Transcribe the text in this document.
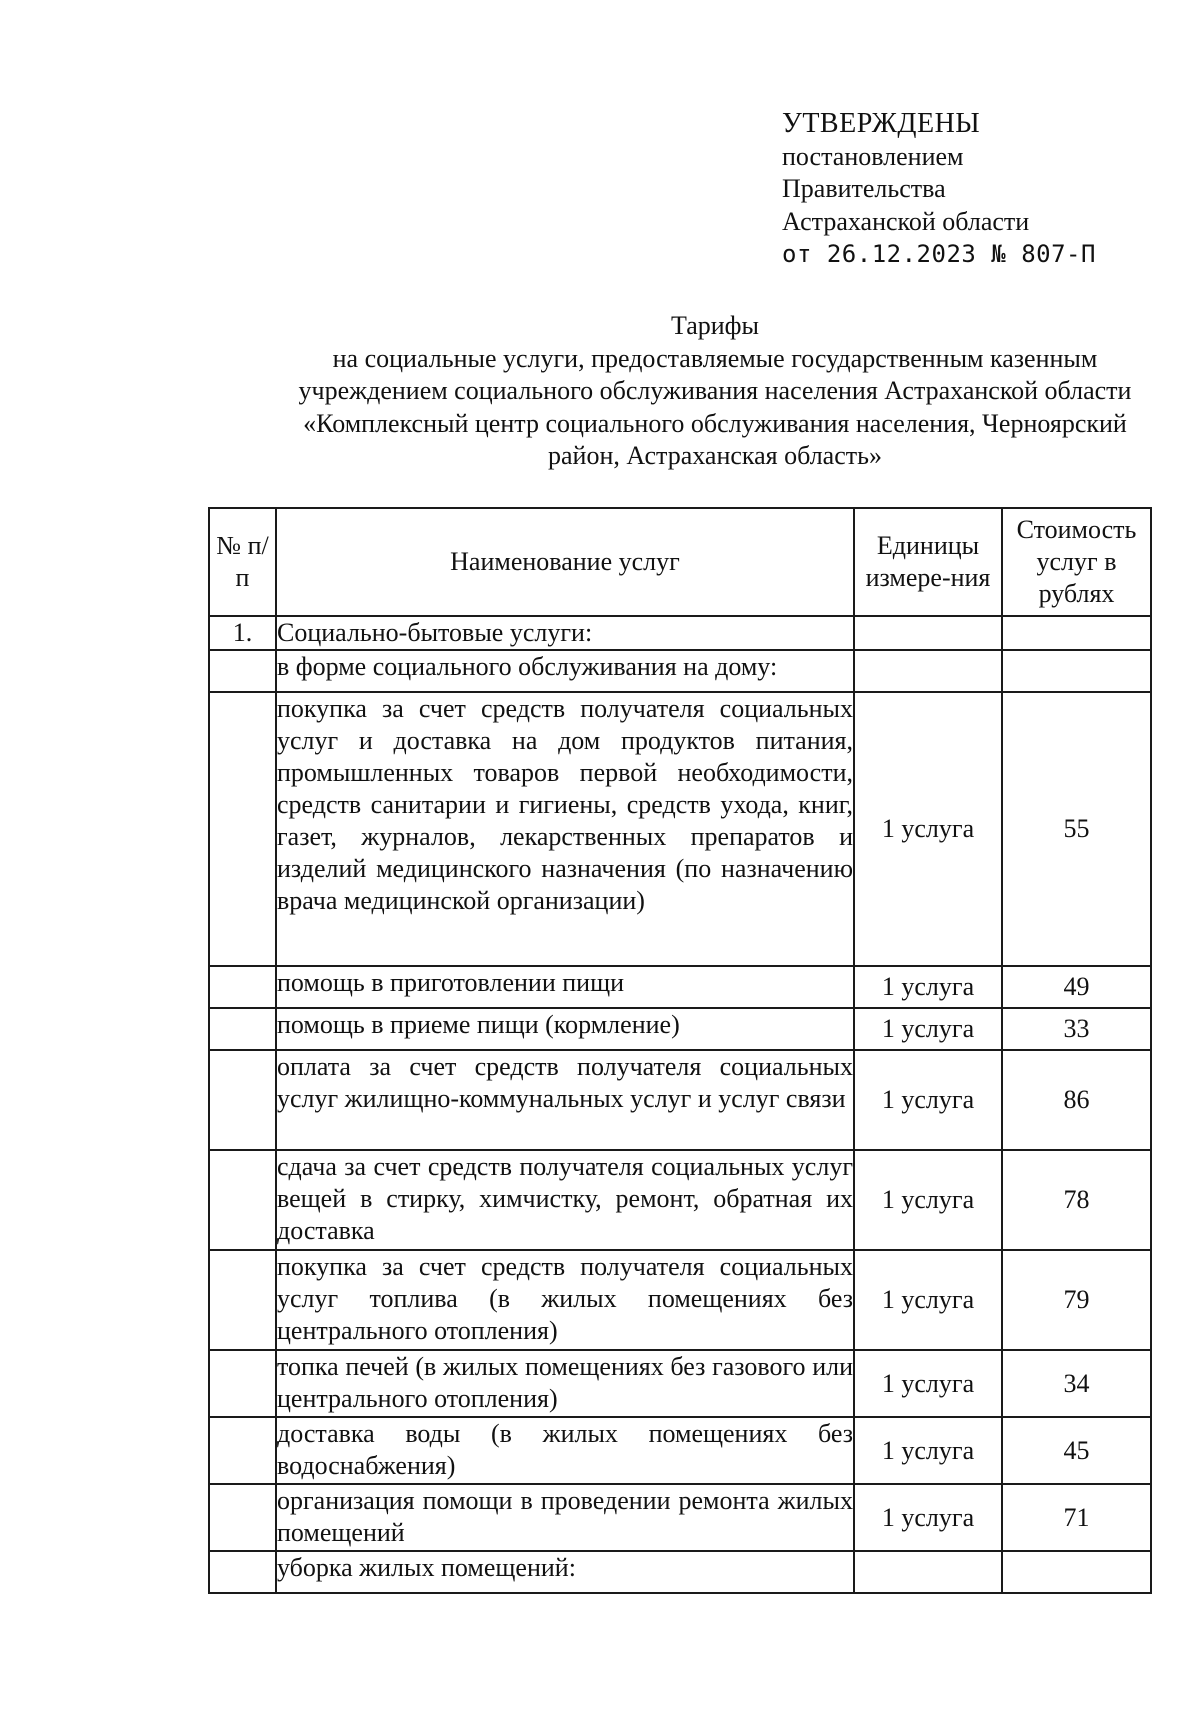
УТВЕРЖДЕНЫ
постановлением
Правительства
Астраханской области
от 26.12.2023 № 807-П
Тарифы
на социальные услуги, предоставляемые государственным казенным
учреждением социального обслуживания населения Астраханской области
«Комплексный центр социального обслуживания населения, Черноярский
район, Астраханская область»
№ п/п	Наименование услуг	Единицы измере-ния	Стоимость услуг в рублях
1.	Социально-бытовые услуги:		
	в форме социального обслуживания на дому:		
	покупка за счет средств получателя социальных услуг и доставка на дом продуктов питания, промышленных товаров первой необходимости, средств санитарии и гигиены, средств ухода, книг, газет, журналов, лекарственных препаратов и изделий медицинского назначения (по назначению врача медицинской организации)	1 услуга	55
	помощь в приготовлении пищи	1 услуга	49
	помощь в приеме пищи (кормление)	1 услуга	33
	оплата за счет средств получателя социальных услуг жилищно-коммунальных услуг и услуг связи	1 услуга	86
	сдача за счет средств получателя социальных услуг вещей в стирку, химчистку, ремонт, обратная их доставка	1 услуга	78
	покупка за счет средств получателя социальных услуг топлива (в жилых помещениях без центрального отопления)	1 услуга	79
	топка печей (в жилых помещениях без газового или центрального отопления)	1 услуга	34
	доставка воды (в жилых помещениях без водоснабжения)	1 услуга	45
	организация помощи в проведении ремонта жилых помещений	1 услуга	71
	уборка жилых помещений:		
